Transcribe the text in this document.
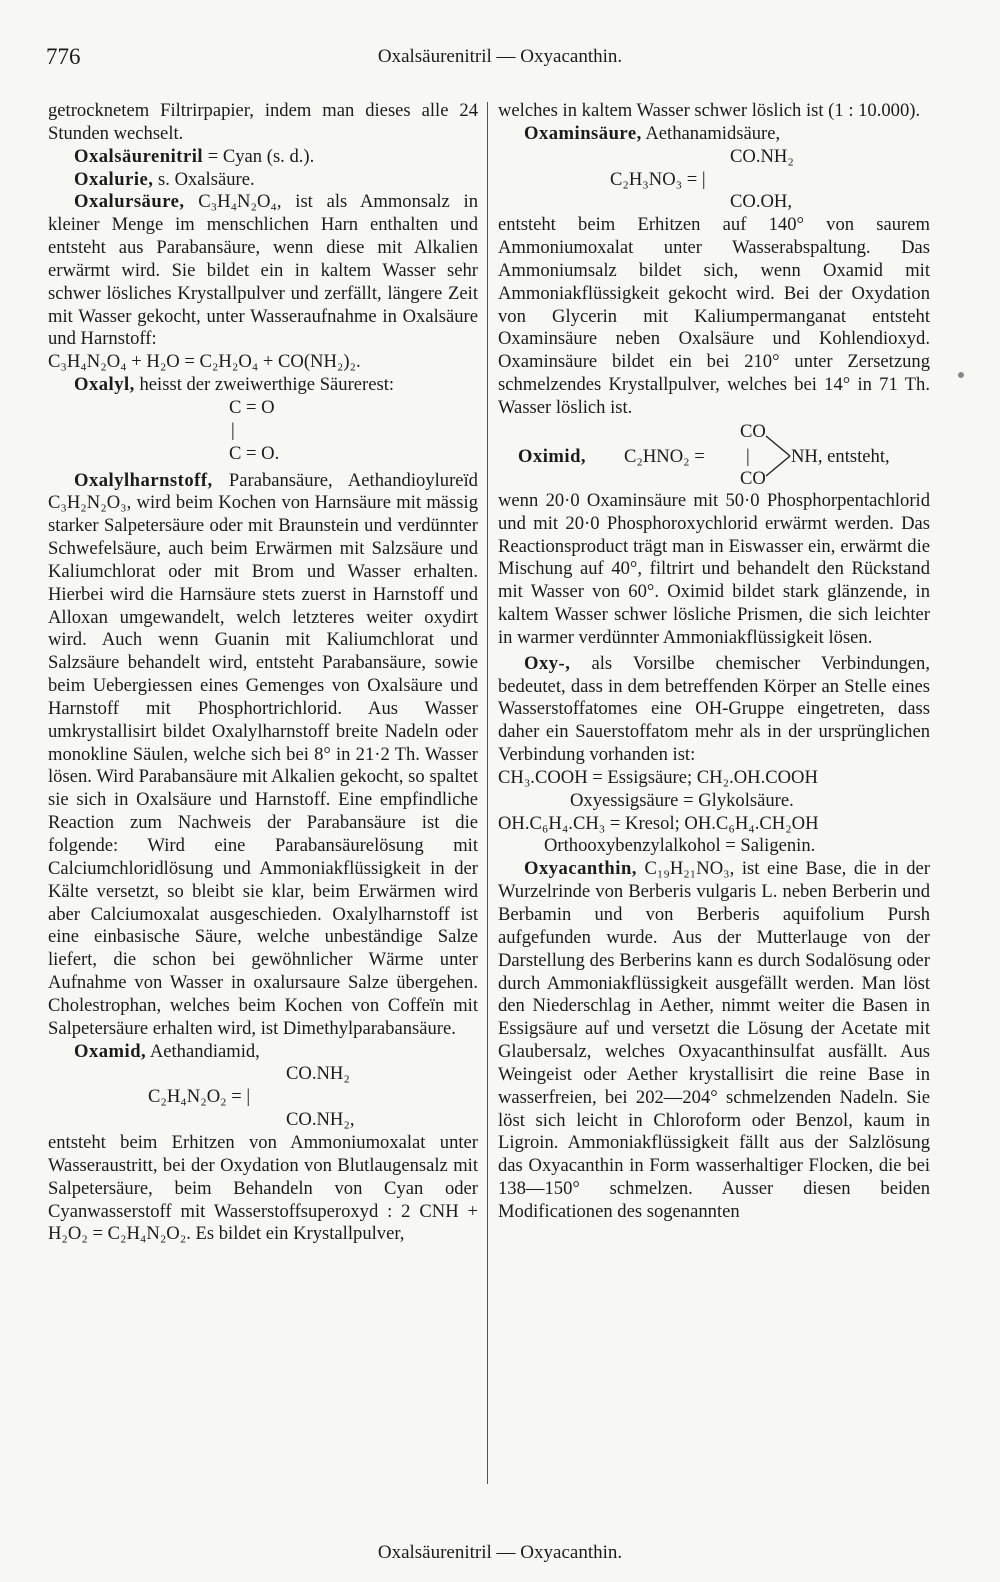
776	Oxalsäurenitril — Oxyacanthin.

getrocknetem Filtrirpapier, indem man dieses alle 24 Stunden wechselt.

Oxalsäurenitril = Cyan (s. d.).

Oxalurie, s. Oxalsäure.

Oxalursäure, C₃H₄N₂O₄, ist als Ammonsalz in kleiner Menge im menschlichen Harn enthalten und entsteht aus Parabansäure, wenn diese mit Alkalien erwärmt wird. Sie bildet ein in kaltem Wasser sehr schwer lösliches Krystallpulver und zerfällt, längere Zeit mit Wasser gekocht, unter Wasseraufnahme in Oxalsäure und Harnstoff:

C₃H₄N₂O₄ + H₂O = C₂H₂O₄ + CO(NH₂)₂.

Oxalyl, heisst der zweiwerthige Säurerest:

C = O
|
C = O.

Oxalylharnstoff, Parabansäure, Aethandioylureïd C₃H₂N₂O₃, wird beim Kochen von Harnsäure mit mässig starker Salpetersäure oder mit Braunstein und verdünnter Schwefelsäure, auch beim Erwärmen mit Salzsäure und Kaliumchlorat oder mit Brom und Wasser erhalten. Hierbei wird die Harnsäure stets zuerst in Harnstoff und Alloxan umgewandelt, welch letzteres weiter oxydirt wird. Auch wenn Guanin mit Kaliumchlorat und Salzsäure behandelt wird, entsteht Parabansäure, sowie beim Uebergiessen eines Gemenges von Oxalsäure und Harnstoff mit Phosphortrichlorid. Aus Wasser umkrystallisirt bildet Oxalylharnstoff breite Nadeln oder monokline Säulen, welche sich bei 8° in 21·2 Th. Wasser lösen. Wird Parabansäure mit Alkalien gekocht, so spaltet sie sich in Oxalsäure und Harnstoff. Eine empfindliche Reaction zum Nachweis der Parabansäure ist die folgende: Wird eine Parabansäurelösung mit Calciumchloridlösung und Ammoniakflüssigkeit in der Kälte versetzt, so bleibt sie klar, beim Erwärmen wird aber Calciumoxalat ausgeschieden. Oxalylharnstoff ist eine einbasische Säure, welche unbeständige Salze liefert, die schon bei gewöhnlicher Wärme unter Aufnahme von Wasser in oxalursaure Salze übergehen. Cholestrophan, welches beim Kochen von Coffeïn mit Salpetersäure erhalten wird, ist Dimethylparabansäure.

Oxamid, Aethandiamid,

CO.NH₂
C₂H₄N₂O₂ = |
CO.NH₂,

entsteht beim Erhitzen von Ammoniumoxalat unter Wasseraustritt, bei der Oxydation von Blutlaugensalz mit Salpetersäure, beim Behandeln von Cyan oder Cyanwasserstoff mit Wasserstoffsuperoxyd : 2 CNH + H₂O₂ = C₂H₄N₂O₂. Es bildet ein Krystallpulver,

welches in kaltem Wasser schwer löslich ist (1 : 10.000).

Oxaminsäure, Aethanamidsäure,

CO.NH₂
C₂H₃NO₃ = |
CO.OH,

entsteht beim Erhitzen auf 140° von saurem Ammoniumoxalat unter Wasserabspaltung. Das Ammoniumsalz bildet sich, wenn Oxamid mit Ammoniakflüssigkeit gekocht wird. Bei der Oxydation von Glycerin mit Kaliumpermanganat entsteht Oxaminsäure neben Oxalsäure und Kohlendioxyd. Oxaminsäure bildet ein bei 210° unter Zersetzung schmelzendes Krystallpulver, welches bei 14° in 71 Th. Wasser löslich ist.

CO
Oximid, C₂HNO₂ = | NH, entsteht,
CO

wenn 20·0 Oxaminsäure mit 50·0 Phosphorpentachlorid und mit 20·0 Phosphoroxychlorid erwärmt werden. Das Reactionsproduct trägt man in Eiswasser ein, erwärmt die Mischung auf 40°, filtrirt und behandelt den Rückstand mit Wasser von 60°. Oximid bildet stark glänzende, in kaltem Wasser schwer lösliche Prismen, die sich leichter in warmer verdünnter Ammoniakflüssigkeit lösen.

Oxy-, als Vorsilbe chemischer Verbindungen, bedeutet, dass in dem betreffenden Körper an Stelle eines Wasserstoffatomes eine OH-Gruppe eingetreten, dass daher ein Sauerstoffatom mehr als in der ursprünglichen Verbindung vorhanden ist:

CH₃.COOH = Essigsäure; CH₂.OH.COOH
Oxyessigsäure = Glykolsäure.
OH.C₆H₄.CH₃ = Kresol; OH.C₆H₄.CH₂OH
Orthooxybenzylalkohol = Saligenin.

Oxyacanthin, C₁₉H₂₁NO₃, ist eine Base, die in der Wurzelrinde von Berberis vulgaris L. neben Berberin und Berbamin und von Berberis aquifolium Pursh aufgefunden wurde. Aus der Mutterlauge von der Darstellung des Berberins kann es durch Sodalösung oder durch Ammoniakflüssigkeit ausgefällt werden. Man löst den Niederschlag in Aether, nimmt weiter die Basen in Essigsäure auf und versetzt die Lösung der Acetate mit Glaubersalz, welches Oxyacanthinsulfat ausfällt. Aus Weingeist oder Aether krystallisirt die reine Base in wasserfreien, bei 202—204° schmelzenden Nadeln. Sie löst sich leicht in Chloroform oder Benzol, kaum in Ligroin. Ammoniakflüssigkeit fällt aus der Salzlösung das Oxyacanthin in Form wasserhaltiger Flocken, die bei 138—150° schmelzen. Ausser diesen beiden Modificationen des sogenannten

Oxalsäurenitril — Oxyacanthin.
